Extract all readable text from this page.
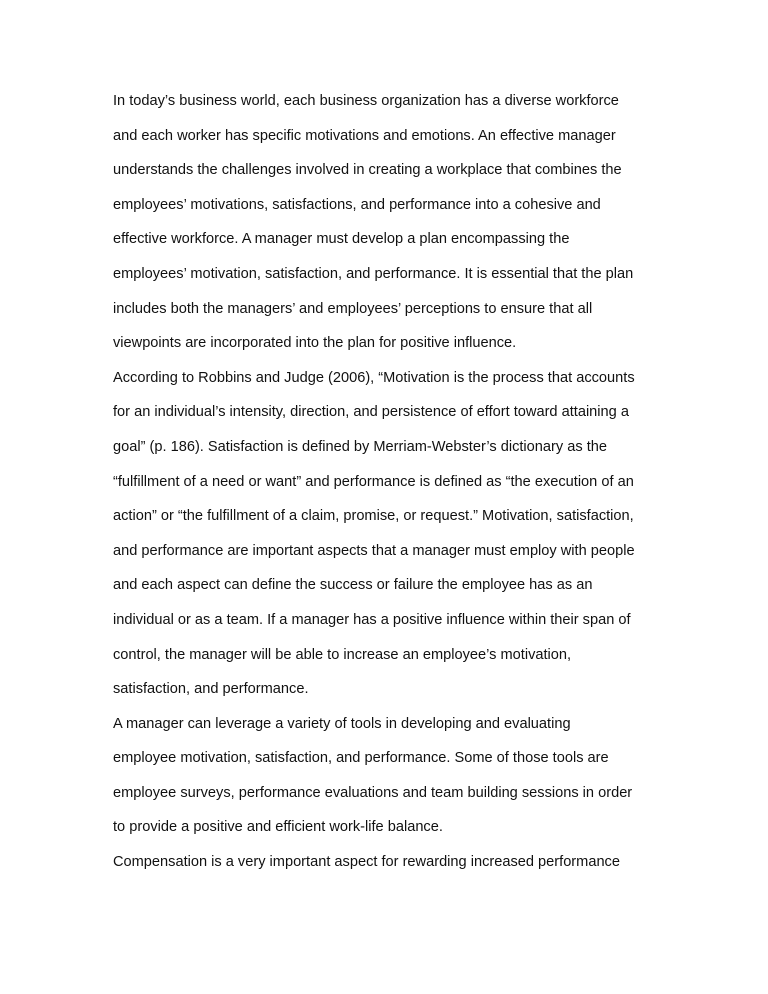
In today’s business world, each business organization has a diverse workforce
and each worker has specific motivations and emotions. An effective manager
understands the challenges involved in creating a workplace that combines the
employees’ motivations, satisfactions, and performance into a cohesive and
effective workforce. A manager must develop a plan encompassing the
employees’ motivation, satisfaction, and performance. It is essential that the plan
includes both the managers’ and employees’ perceptions to ensure that all
viewpoints are incorporated into the plan for positive influence.
According to Robbins and Judge (2006), “Motivation is the process that accounts
for an individual’s intensity, direction, and persistence of effort toward attaining a
goal” (p. 186). Satisfaction is defined by Merriam-Webster’s dictionary as the
“fulfillment of a need or want” and performance is defined as “the execution of an
action” or “the fulfillment of a claim, promise, or request.” Motivation, satisfaction,
and performance are important aspects that a manager must employ with people
and each aspect can define the success or failure the employee has as an
individual or as a team. If a manager has a positive influence within their span of
control, the manager will be able to increase an employee’s motivation,
satisfaction, and performance.
A manager can leverage a variety of tools in developing and evaluating
employee motivation, satisfaction, and performance. Some of those tools are
employee surveys, performance evaluations and team building sessions in order
to provide a positive and efficient work-life balance.
Compensation is a very important aspect for rewarding increased performance
